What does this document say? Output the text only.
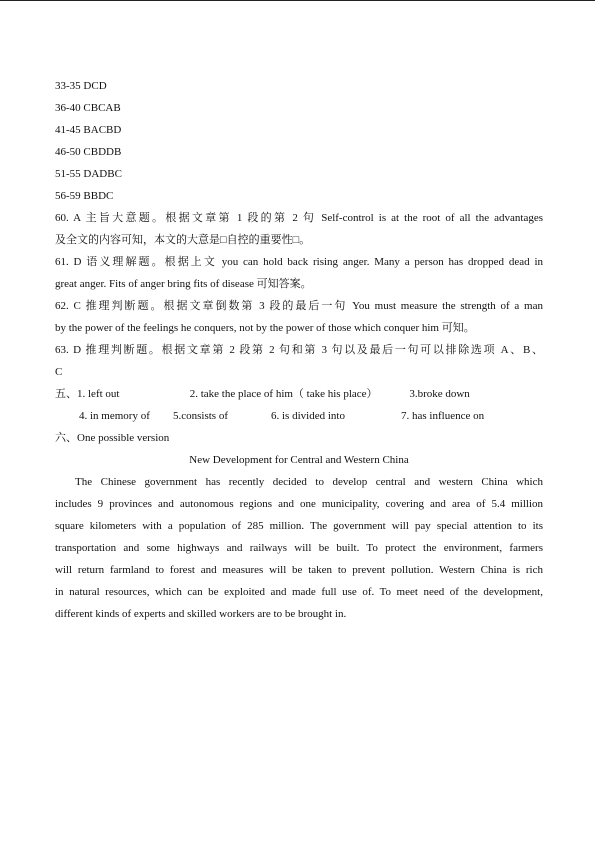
33-35 DCD
36-40 CBCAB
41-45 BACBD
46-50 CBDDB
51-55 DADBC
56-59 BBDC
60. A 主旨大意题。根据文章第 1 段的第 2 句 Self-control is at the root of all the advantages
及全文的内容可知，本文的大意是□自控的重要性□。
61. D 语义理解题。根据上文 you can hold back rising anger. Many a person has dropped dead in
great anger. Fits of anger bring fits of disease 可知答案。
62. C 推理判断题。根据文章倒数第 3 段的最后一句 You must measure the strength of a man
by the power of the feelings he conquers, not by the power of those which conquer him 可知。
63. D 推理判断题。根据文章第 2 段第 2 句和第 3 句以及最后一句可以排除选项 A、B、
C
五、 1. left out	2. take the place of him（ take his place）	3.broke down
4. in memory of	5.consists of	6. is divided into	7. has influence on
六、One possible version
New Development for Central and Western China
The Chinese government has recently decided to develop central and western China which
includes 9 provinces and autonomous regions and one municipality, covering and area of 5.4 million
square kilometers with a population of 285 million. The government will pay special attention to its
transportation and some highways and railways will be built. To protect the environment, farmers
will return farmland to forest and measures will be taken to prevent pollution. Western China is rich
in natural resources, which can be exploited and made full use of. To meet need of the development,
different kinds of experts and skilled workers are to be brought in.
